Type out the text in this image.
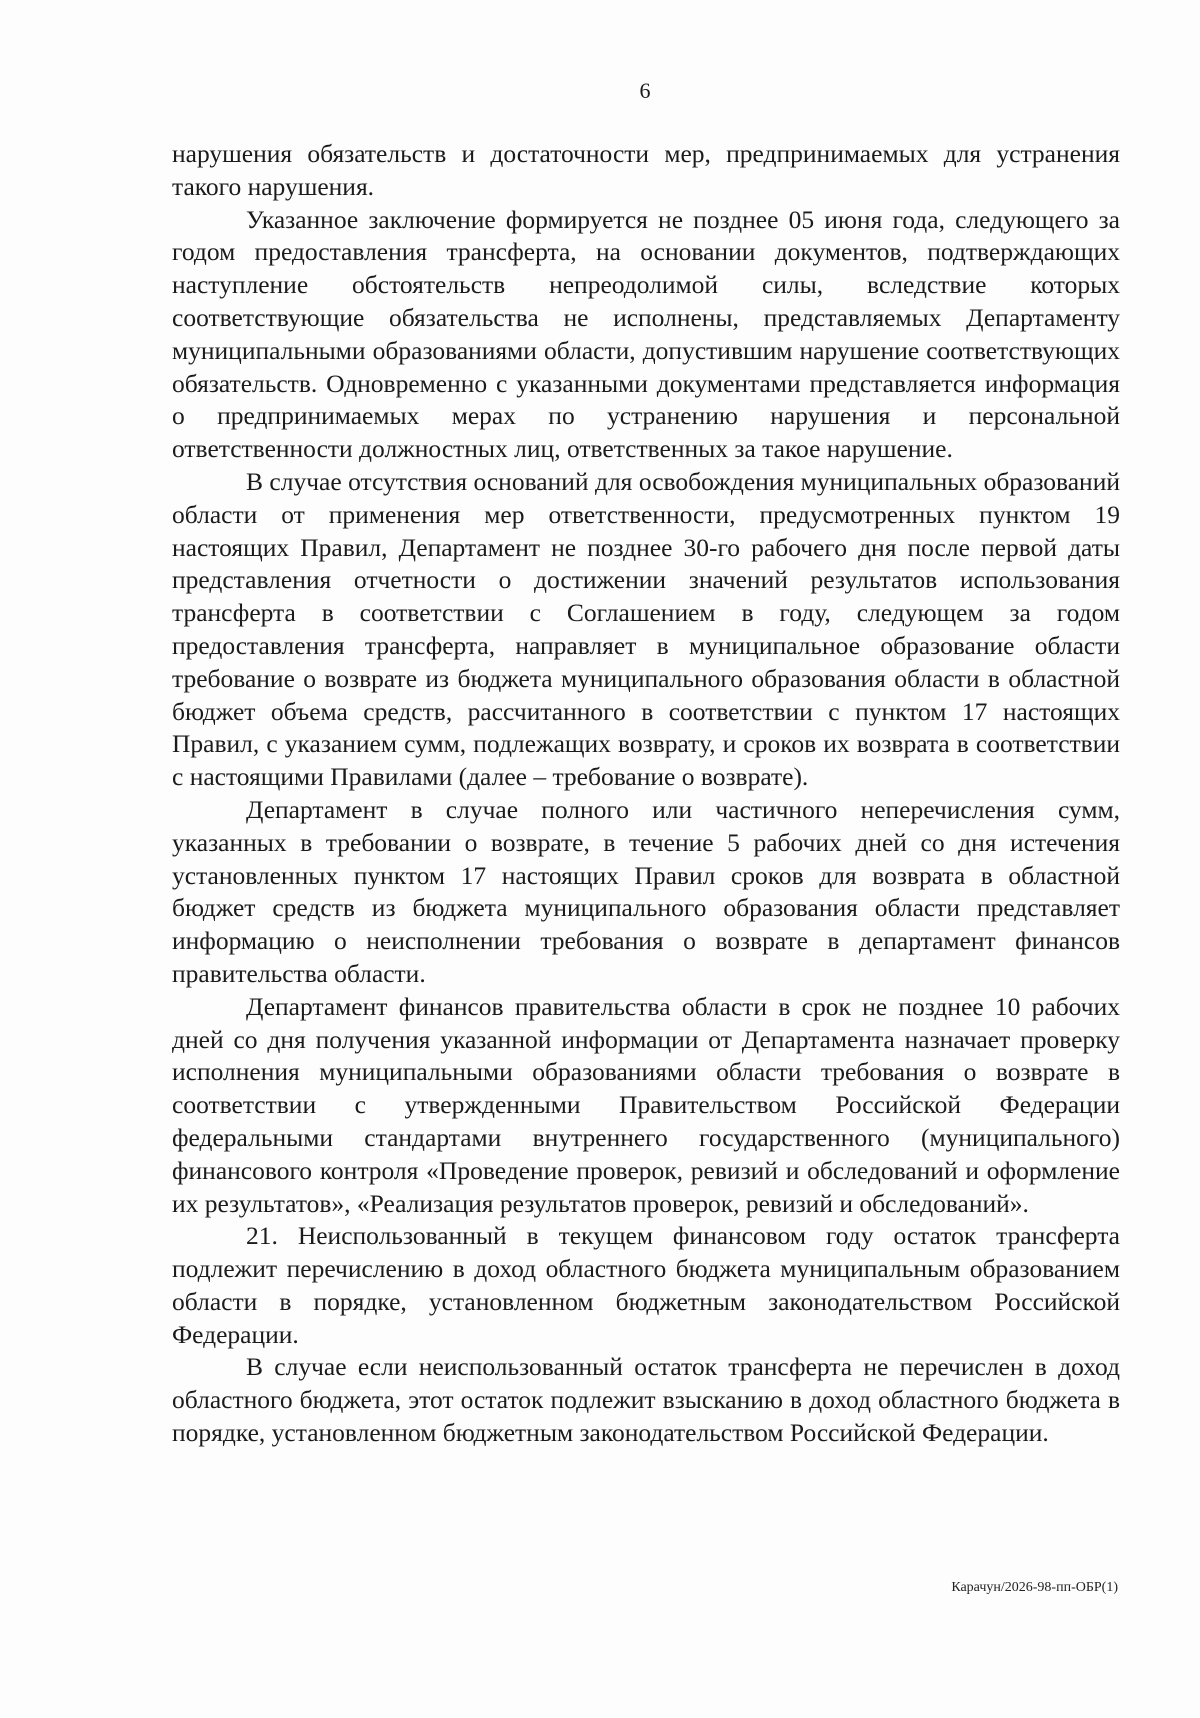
6

нарушения обязательств и достаточности мер, предпринимаемых для устранения такого нарушения.

Указанное заключение формируется не позднее 05 июня года, следующего за годом предоставления трансферта, на основании документов, подтверждающих наступление обстоятельств непреодолимой силы, вследствие которых соответствующие обязательства не исполнены, представляемых Департаменту муниципальными образованиями области, допустившим нарушение соответствующих обязательств. Одновременно с указанными документами представляется информация о предпринимаемых мерах по устранению нарушения и персональной ответственности должностных лиц, ответственных за такое нарушение.

В случае отсутствия оснований для освобождения муниципальных образований области от применения мер ответственности, предусмотренных пунктом 19 настоящих Правил, Департамент не позднее 30-го рабочего дня после первой даты представления отчетности о достижении значений результатов использования трансферта в соответствии с Соглашением в году, следующем за годом предоставления трансферта, направляет в муниципальное образование области требование о возврате из бюджета муниципального образования области в областной бюджет объема средств, рассчитанного в соответствии с пунктом 17 настоящих Правил, с указанием сумм, подлежащих возврату, и сроков их возврата в соответствии с настоящими Правилами (далее – требование о возврате).

Департамент в случае полного или частичного неперечисления сумм, указанных в требовании о возврате, в течение 5 рабочих дней со дня истечения установленных пунктом 17 настоящих Правил сроков для возврата в областной бюджет средств из бюджета муниципального образования области представляет информацию о неисполнении требования о возврате в департамент финансов правительства области.

Департамент финансов правительства области в срок не позднее 10 рабочих дней со дня получения указанной информации от Департамента назначает проверку исполнения муниципальными образованиями области требования о возврате в соответствии с утвержденными Правительством Российской Федерации федеральными стандартами внутреннего государственного (муниципального) финансового контроля «Проведение проверок, ревизий и обследований и оформление их результатов», «Реализация результатов проверок, ревизий и обследований».

21. Неиспользованный в текущем финансовом году остаток трансферта подлежит перечислению в доход областного бюджета муниципальным образованием области в порядке, установленном бюджетным законодательством Российской Федерации.

В случае если неиспользованный остаток трансферта не перечислен в доход областного бюджета, этот остаток подлежит взысканию в доход областного бюджета в порядке, установленном бюджетным законодательством Российской Федерации.

Карачун/2026-98-пп-ОБР(1)
